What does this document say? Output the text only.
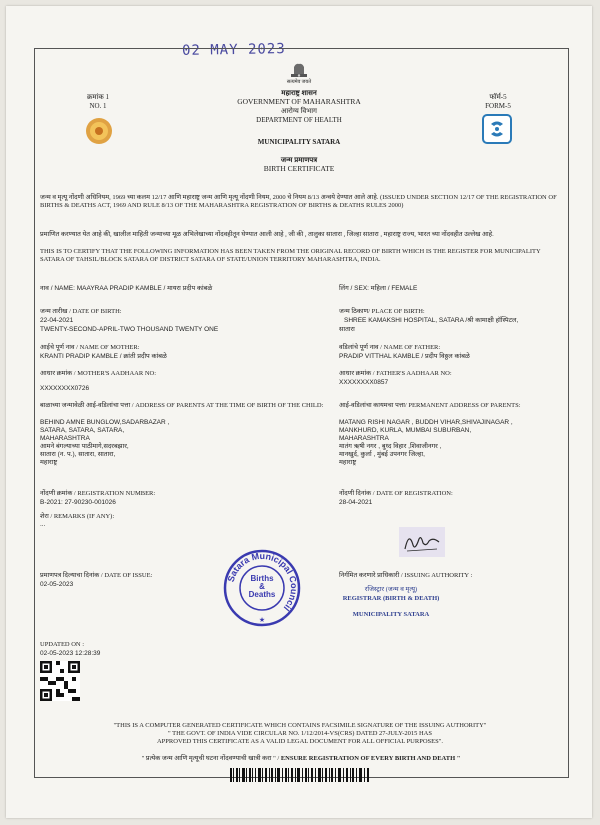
02 MAY 2023
सत्यमेव जयते
क्रमांक 1
NO. 1
फॉर्म-5
FORM-5
महाराष्ट्र शासन
GOVERNMENT OF MAHARASHTRA
आरोग्य विभाग
DEPARTMENT OF HEALTH
MUNICIPALITY SATARA
जन्म प्रमाणपत्र
BIRTH CERTIFICATE
जन्म व मृत्यू नोंदणी अधिनियम, 1969 च्या कलम 12/17 आणि महाराष्ट्र जन्म आणि मृत्यू नोंदणी नियम, 2000 चे नियम 8/13 अन्वये देण्यात आले आहे. (ISSUED UNDER SECTION 12/17 OF THE REGISTRATION OF BIRTHS & DEATHS ACT, 1969 AND RULE 8/13 OF THE MAHARASHTRA REGISTRATION OF BIRTHS & DEATHS RULES 2000)
प्रमाणित करण्यात येत आहे की, खालील माहिती जन्माच्या मूळ अभिलेखाच्या नोंदवहीतून घेण्यात आली आहे , जी की , तालुका सातारा , जिल्हा सातारा , महाराष्ट्र राज्य, भारत च्या नोंदवहीत उल्लेख आहे.
THIS IS TO CERTIFY THAT THE FOLLOWING INFORMATION HAS BEEN TAKEN FROM THE ORIGINAL RECORD OF BIRTH WHICH IS THE REGISTER FOR MUNICIPALITY SATARA OF TAHSIL/BLOCK SATARA OF DISTRICT SATARA OF STATE/UNION TERRITORY MAHARASHTRA, INDIA.
नाव / NAME: MAAYRAA PRADIP KAMBLE / मायरा प्रदीप कांबळे	लिंग / SEX: महिला / FEMALE
जन्म तारीख / DATE OF BIRTH:
22-04-2021
TWENTY-SECOND-APRIL-TWO THOUSAND TWENTY ONE
जन्म ठिकाण/ PLACE OF BIRTH:
SHREE KAMAKSHI HOSPITAL, SATARA /श्री कामाक्षी हॉस्पिटल,
सातारा
आईचे पूर्ण नाव / NAME OF MOTHER:
KRANTI PRADIP KAMBLE / क्रांती प्रदीप कांबळे
वडिलांचे पूर्ण नाव / NAME OF FATHER:
PRADIP VITTHAL KAMBLE / प्रदीप विठ्ठल कांबळे
आधार क्रमांक / MOTHER'S AADHAAR NO:
XXXXXXXX0726
आधार क्रमांक / FATHER'S AADHAAR NO:
XXXXXXXX0857
बाळाच्या जन्मावेळी आई-वडिलांचा पत्ता / ADDRESS OF PARENTS AT THE TIME OF BIRTH OF THE CHILD:
BEHIND AMNE BUNGLOW,SADARBAZAR ,
SATARA, SATARA, SATARA,
MAHARASHTRA
आमने बंगल्याच्या पाठीमागे,सदरबझार,
सातारा (न. प.), सातारा, सातारा,
महाराष्ट्र
आई-वडिलांचा कायमचा पत्ता/ PERMANENT ADDRESS OF PARENTS:
MATANG RISHI NAGAR , BUDDH VIHAR,SHIVAJINAGAR ,
MANKHURD, KURLA, MUMBAI SUBURBAN,
MAHARASHTRA
मातंग ऋषी नगर , बुध्द विहार ,शिवाजीनगर ,
मानखुर्द, कुर्ला , मुंबई उपनगर जिल्हा,
महाराष्ट्र
नोंदणी क्रमांक / REGISTRATION NUMBER:
B-2021: 27-90230-001026
नोंदणी दिनांक / DATE OF REGISTRATION:
28-04-2021
शेरा / REMARKS (IF ANY):
...
प्रमाणपत्र दिल्याचा दिनांक / DATE OF ISSUE:
02-05-2023
निर्गमित करणारे प्राधिकारी / ISSUING AUTHORITY :
रजिस्ट्रार (जन्म व मृत्यू)
REGISTRAR (BIRTH & DEATH)
MUNICIPALITY SATARA
Satara Municipal Council
Births
&
Deaths
★
UPDATED ON :
02-05-2023 12:28:39
"THIS IS A COMPUTER GENERATED CERTIFICATE WHICH CONTAINS FACSIMILE SIGNATURE OF THE ISSUING AUTHORITY"
" THE GOVT. OF INDIA VIDE CIRCULAR NO. 1/12/2014-VS(CRS) DATED 27-JULY-2015 HAS
APPROVED THIS CERTIFICATE AS A VALID LEGAL DOCUMENT FOR ALL OFFICIAL PURPOSES".
" प्रत्येक जन्म आणि मृत्यूची घटना नोंदवण्याची खात्री करा " / ENSURE REGISTRATION OF EVERY BIRTH AND DEATH "
